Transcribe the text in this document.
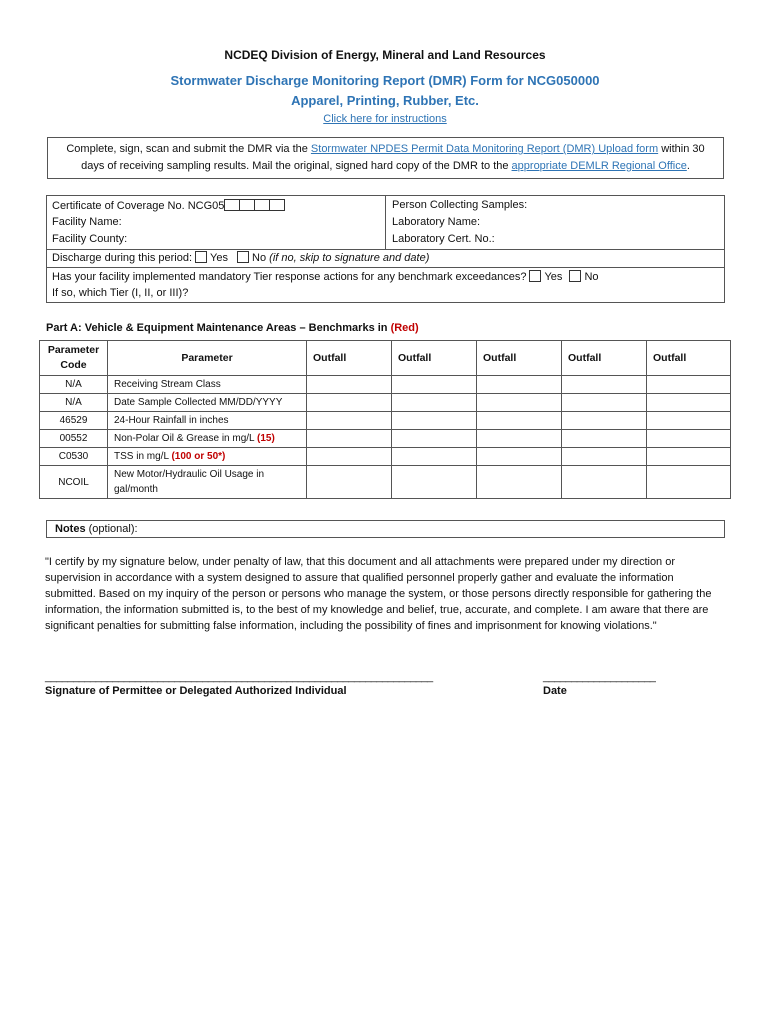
NCDEQ Division of Energy, Mineral and Land Resources
Stormwater Discharge Monitoring Report (DMR) Form for NCG050000
Apparel, Printing, Rubber, Etc.
Click here for instructions
Complete, sign, scan and submit the DMR via the Stormwater NPDES Permit Data Monitoring Report (DMR) Upload form within 30 days of receiving sampling results. Mail the original, signed hard copy of the DMR to the appropriate DEMLR Regional Office.
Certificate of Coverage No. NCG05
Facility Name:
Facility County:
Person Collecting Samples:
Laboratory Name:
Laboratory Cert. No.:
Discharge during this period: Yes No (if no, skip to signature and date)
Has your facility implemented mandatory Tier response actions for any benchmark exceedances? Yes No
If so, which Tier (I, II, or III)?
Part A: Vehicle & Equipment Maintenance Areas – Benchmarks in (Red)
Parameter Code	Parameter	Outfall	Outfall	Outfall	Outfall	Outfall
N/A	Receiving Stream Class					
N/A	Date Sample Collected MM/DD/YYYY					
46529	24-Hour Rainfall in inches					
00552	Non-Polar Oil & Grease in mg/L (15)					
C0530	TSS in mg/L (100 or 50*)					
NCOIL	New Motor/Hydraulic Oil Usage in gal/month					
Notes (optional):
"I certify by my signature below, under penalty of law, that this document and all attachments were prepared under my direction or supervision in accordance with a system designed to assure that qualified personnel properly gather and evaluate the information submitted. Based on my inquiry of the person or persons who manage the system, or those persons directly responsible for gathering the information, the information submitted is, to the best of my knowledge and belief, true, accurate, and complete. I am aware that there are significant penalties for submitting false information, including the possibility of fines and imprisonment for knowing violations."
_____________________________________________________________________	____________________
Signature of Permittee or Delegated Authorized Individual	Date
